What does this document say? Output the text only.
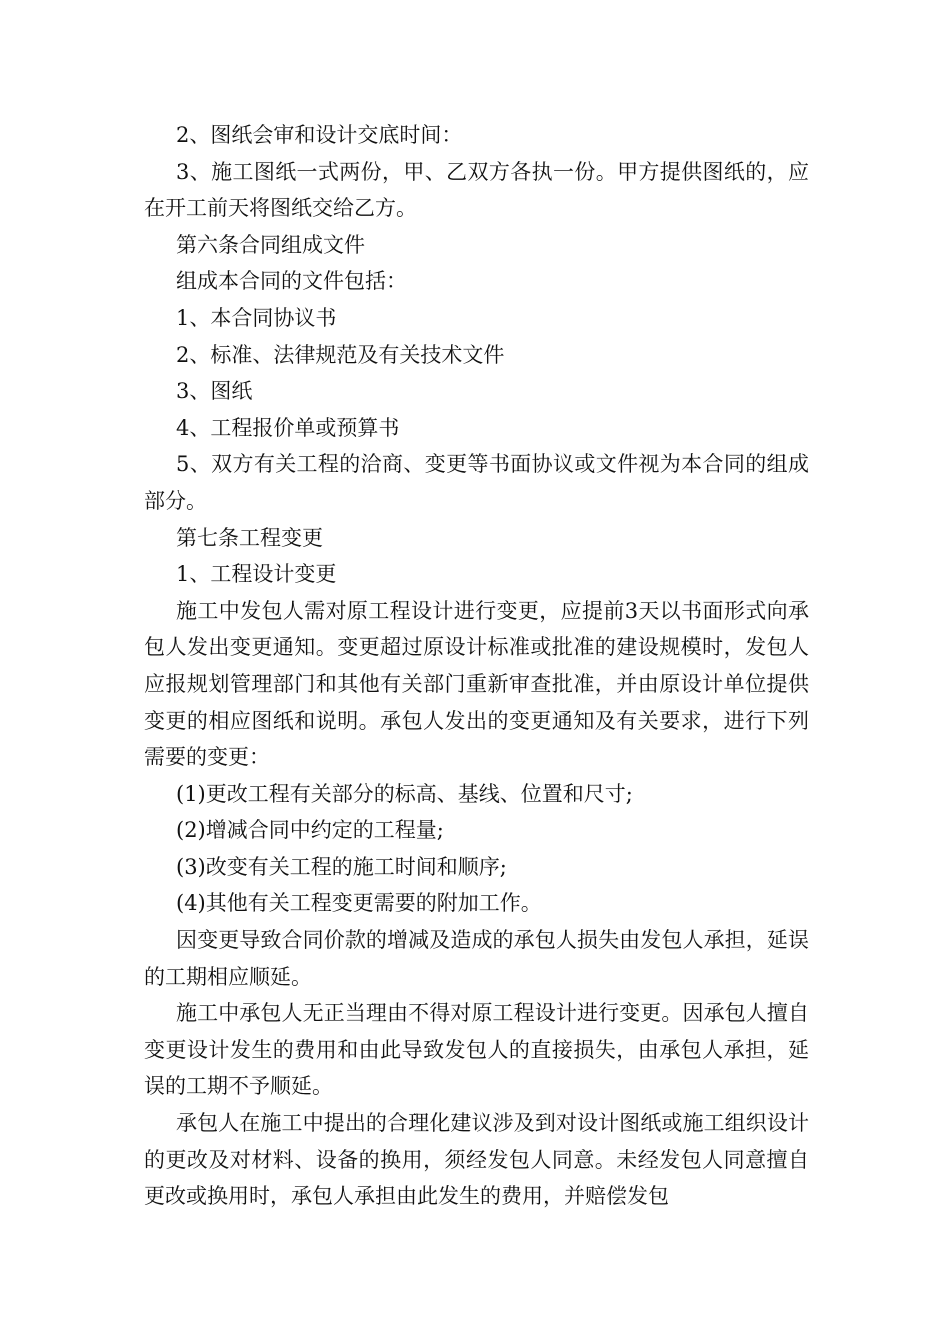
2、图纸会审和设计交底时间：

3、施工图纸一式两份，甲、乙双方各执一份。甲方提供图纸的，应在开工前天将图纸交给乙方。

第六条合同组成文件

组成本合同的文件包括：

1、本合同协议书

2、标准、法律规范及有关技术文件

3、图纸

4、工程报价单或预算书

5、双方有关工程的洽商、变更等书面协议或文件视为本合同的组成部分。

第七条工程变更

1、工程设计变更

施工中发包人需对原工程设计进行变更，应提前3天以书面形式向承包人发出变更通知。变更超过原设计标准或批准的建设规模时，发包人应报规划管理部门和其他有关部门重新审查批准，并由原设计单位提供变更的相应图纸和说明。承包人发出的变更通知及有关要求，进行下列需要的变更：

(1)更改工程有关部分的标高、基线、位置和尺寸;

(2)增减合同中约定的工程量;

(3)改变有关工程的施工时间和顺序;

(4)其他有关工程变更需要的附加工作。

因变更导致合同价款的增减及造成的承包人损失由发包人承担，延误的工期相应顺延。

施工中承包人无正当理由不得对原工程设计进行变更。因承包人擅自变更设计发生的费用和由此导致发包人的直接损失，由承包人承担，延误的工期不予顺延。

承包人在施工中提出的合理化建议涉及到对设计图纸或施工组织设计的更改及对材料、设备的换用，须经发包人同意。未经发包人同意擅自更改或换用时，承包人承担由此发生的费用，并赔偿发包
